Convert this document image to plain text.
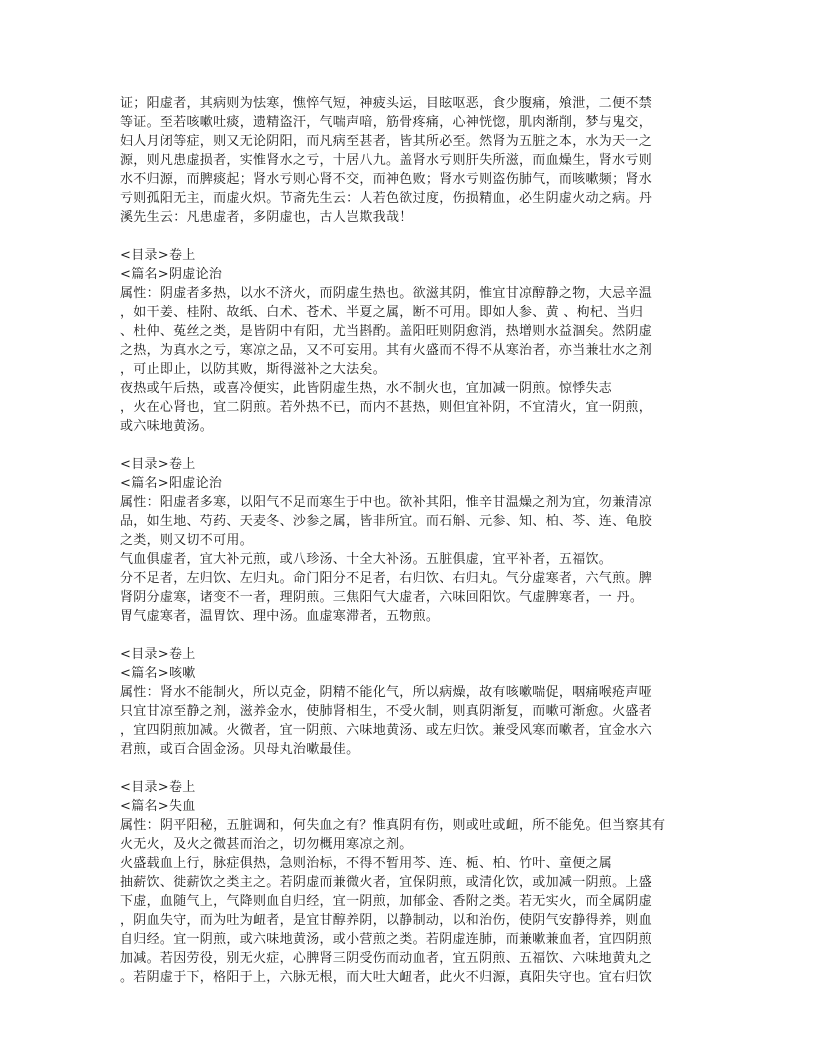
证；阳虚者，其病则为怯寒，憔悴气短，神疲头运，目眩呕恶，食少腹痛，飧泄，二便不禁
等证。至若咳嗽吐痰，遗精盗汗，气喘声喑，筋骨疼痛，心神恍惚，肌肉渐削，梦与鬼交，
妇人月闭等症，则又无论阴阳，而凡病至甚者，皆其所必至。然肾为五脏之本，水为天一之
源，则凡患虚损者，实惟肾水之亏，十居八九。盖肾水亏则肝失所滋，而血燥生，肾水亏则
水不归源，而脾痰起；肾水亏则心肾不交，而神色败；肾水亏则盗伤肺气，而咳嗽频；肾水
亏则孤阳无主，而虚火炽。节斋先生云：人若色欲过度，伤损精血，必生阴虚火动之病。丹
溪先生云：凡患虚者，多阴虚也，古人岂欺我哉！
<目录>卷上
<篇名>阴虚论治
属性：阴虚者多热，以水不济火，而阴虚生热也。欲滋其阴，惟宜甘凉醇静之物，大忌辛温
，如干姜、桂附、故纸、白术、苍术、半夏之属，断不可用。即如人参、黄 、枸杞、当归
、杜仲、菟丝之类，是皆阴中有阳，尤当斟酌。盖阳旺则阴愈消，热增则水益涸矣。然阴虚
之热，为真水之亏，寒凉之品，又不可妄用。其有火盛而不得不从寒治者，亦当兼壮水之剂
，可止即止，以防其败，斯得滋补之大法矣。
夜热或午后热，或喜冷便实，此皆阴虚生热，水不制火也，宜加减一阴煎。惊悸失志
，火在心肾也，宜二阴煎。若外热不已，而内不甚热，则但宜补阴，不宜清火，宜一阴煎，
或六味地黄汤。
<目录>卷上
<篇名>阳虚论治
属性：阳虚者多寒，以阳气不足而寒生于中也。欲补其阳，惟辛甘温燥之剂为宜，勿兼清凉
品，如生地、芍药、天麦冬、沙参之属，皆非所宜。而石斛、元参、知、柏、芩、连、龟胶
之类，则又切不可用。
气血俱虚者，宜大补元煎，或八珍汤、十全大补汤。五脏俱虚，宜平补者，五福饮。
分不足者，左归饮、左归丸。命门阳分不足者，右归饮、右归丸。气分虚寒者，六气煎。脾
肾阴分虚寒，诸变不一者，理阴煎。三焦阳气大虚者，六味回阳饮。气虚脾寒者，一 丹。
胃气虚寒者，温胃饮、理中汤。血虚寒滞者，五物煎。
<目录>卷上
<篇名>咳嗽
属性：肾水不能制火，所以克金，阴精不能化气，所以病燥，故有咳嗽喘促，咽痛喉疮声哑
只宜甘凉至静之剂，滋养金水，使肺肾相生，不受火制，则真阴渐复，而嗽可渐愈。火盛者
，宜四阴煎加减。火微者，宜一阴煎、六味地黄汤、或左归饮。兼受风寒而嗽者，宜金水六
君煎，或百合固金汤。贝母丸治嗽最佳。
<目录>卷上
<篇名>失血
属性：阴平阳秘，五脏调和，何失血之有？惟真阴有伤，则或吐或衄，所不能免。但当察其有
火无火，及火之微甚而治之，切勿概用寒凉之剂。
火盛载血上行，脉症俱热，急则治标，不得不暂用芩、连、栀、柏、竹叶、童便之属
抽薪饮、徙薪饮之类主之。若阴虚而兼微火者，宜保阴煎，或清化饮，或加减一阴煎。上盛
下虚，血随气上，气降则血自归经，宜一阴煎，加郁金、香附之类。若无实火，而全属阴虚
，阴血失守，而为吐为衄者，是宜甘醇养阴，以静制动，以和治伤，使阴气安静得养，则血
自归经。宜一阴煎，或六味地黄汤，或小营煎之类。若阴虚连肺，而兼嗽兼血者，宜四阴煎
加减。若因劳役，别无火症，心脾肾三阴受伤而动血者，宜五阴煎、五福饮、六味地黄丸之
。若阴虚于下，格阳于上，六脉无根，而大吐大衄者，此火不归源，真阳失守也。宜右归饮
